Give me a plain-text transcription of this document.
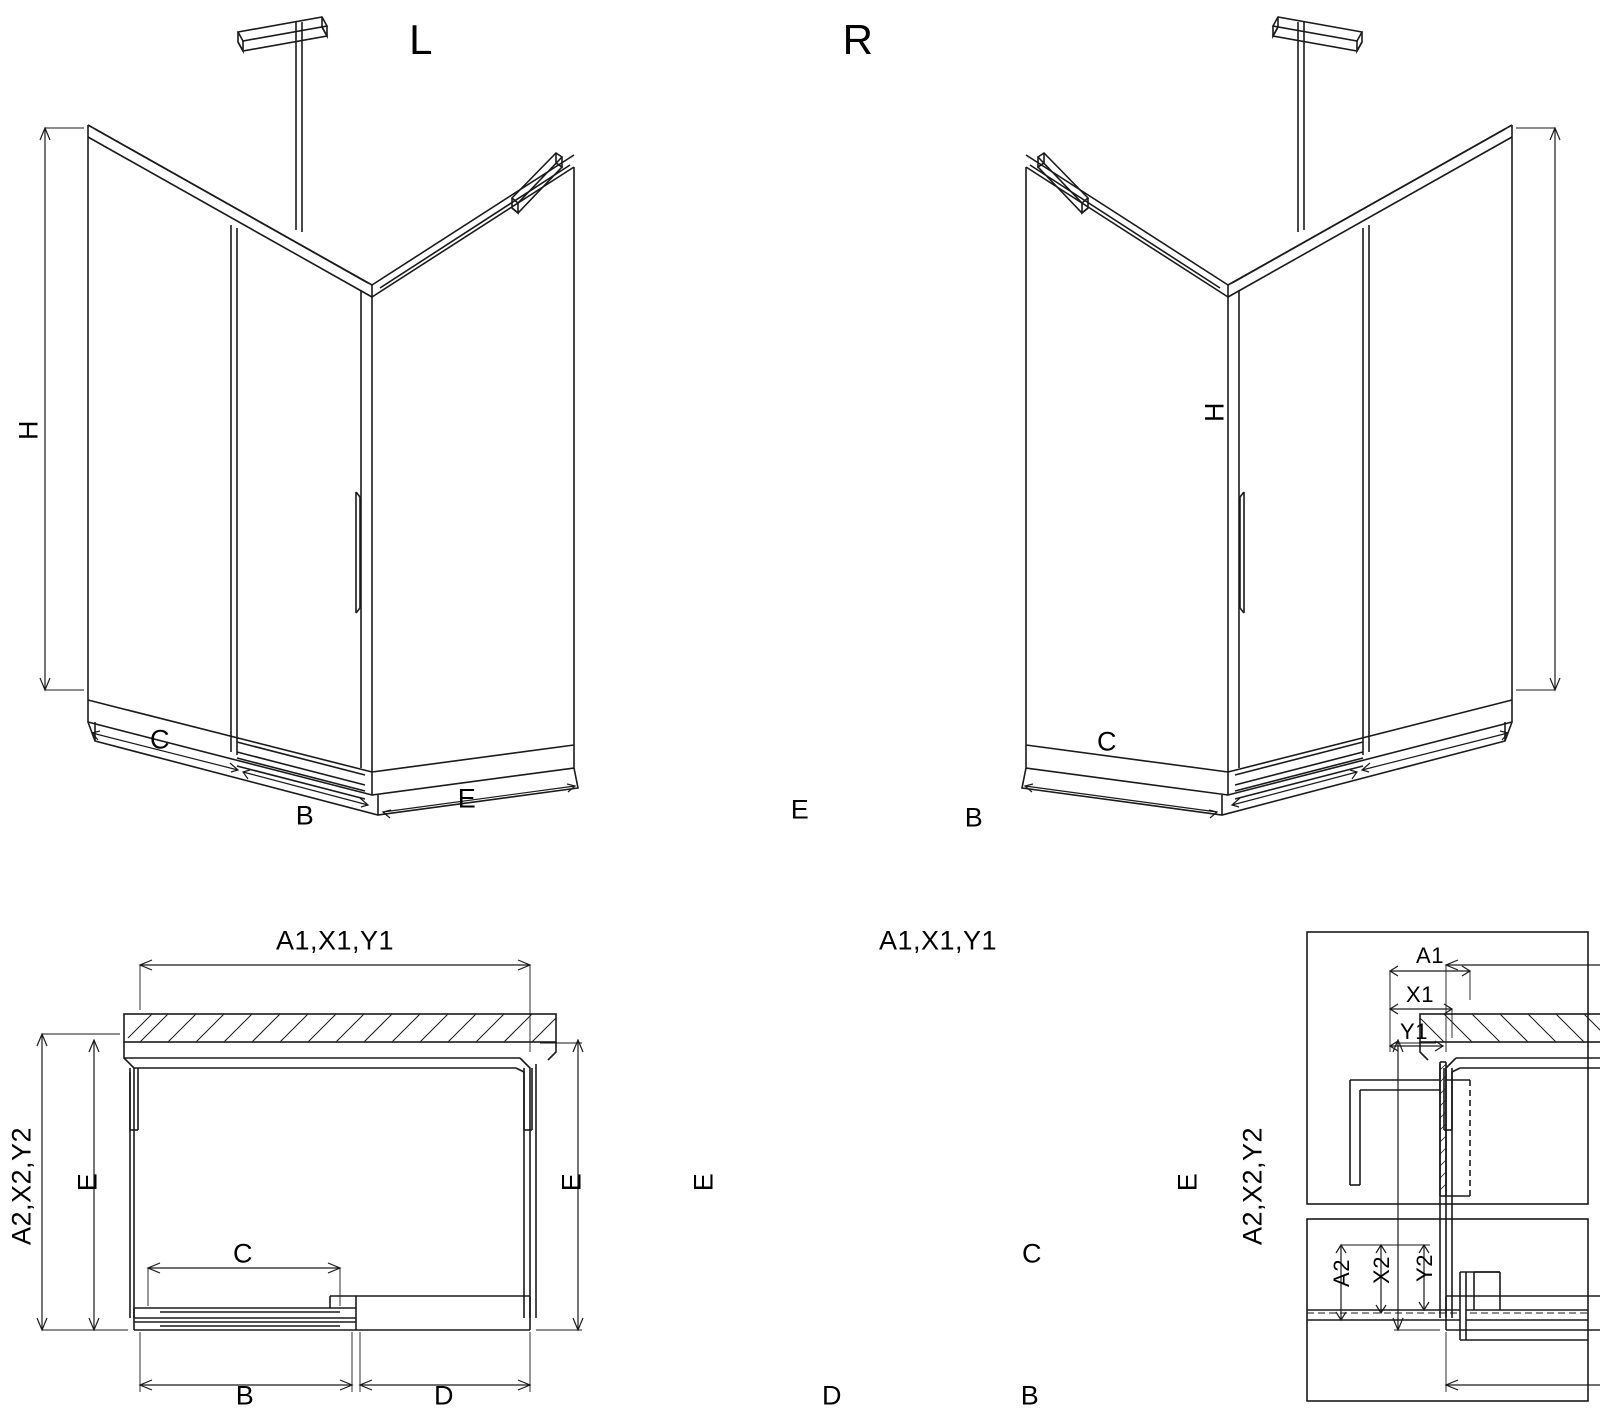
L	R
H
H
C
B
E
C
B
E
A1,X1,Y1
A2,X2,Y2 E	E
C
B	D
A1,X1,Y1
A2,X2,Y2
E
E
C
B
D
A1
X1
Y1
A2 X2 Y2
